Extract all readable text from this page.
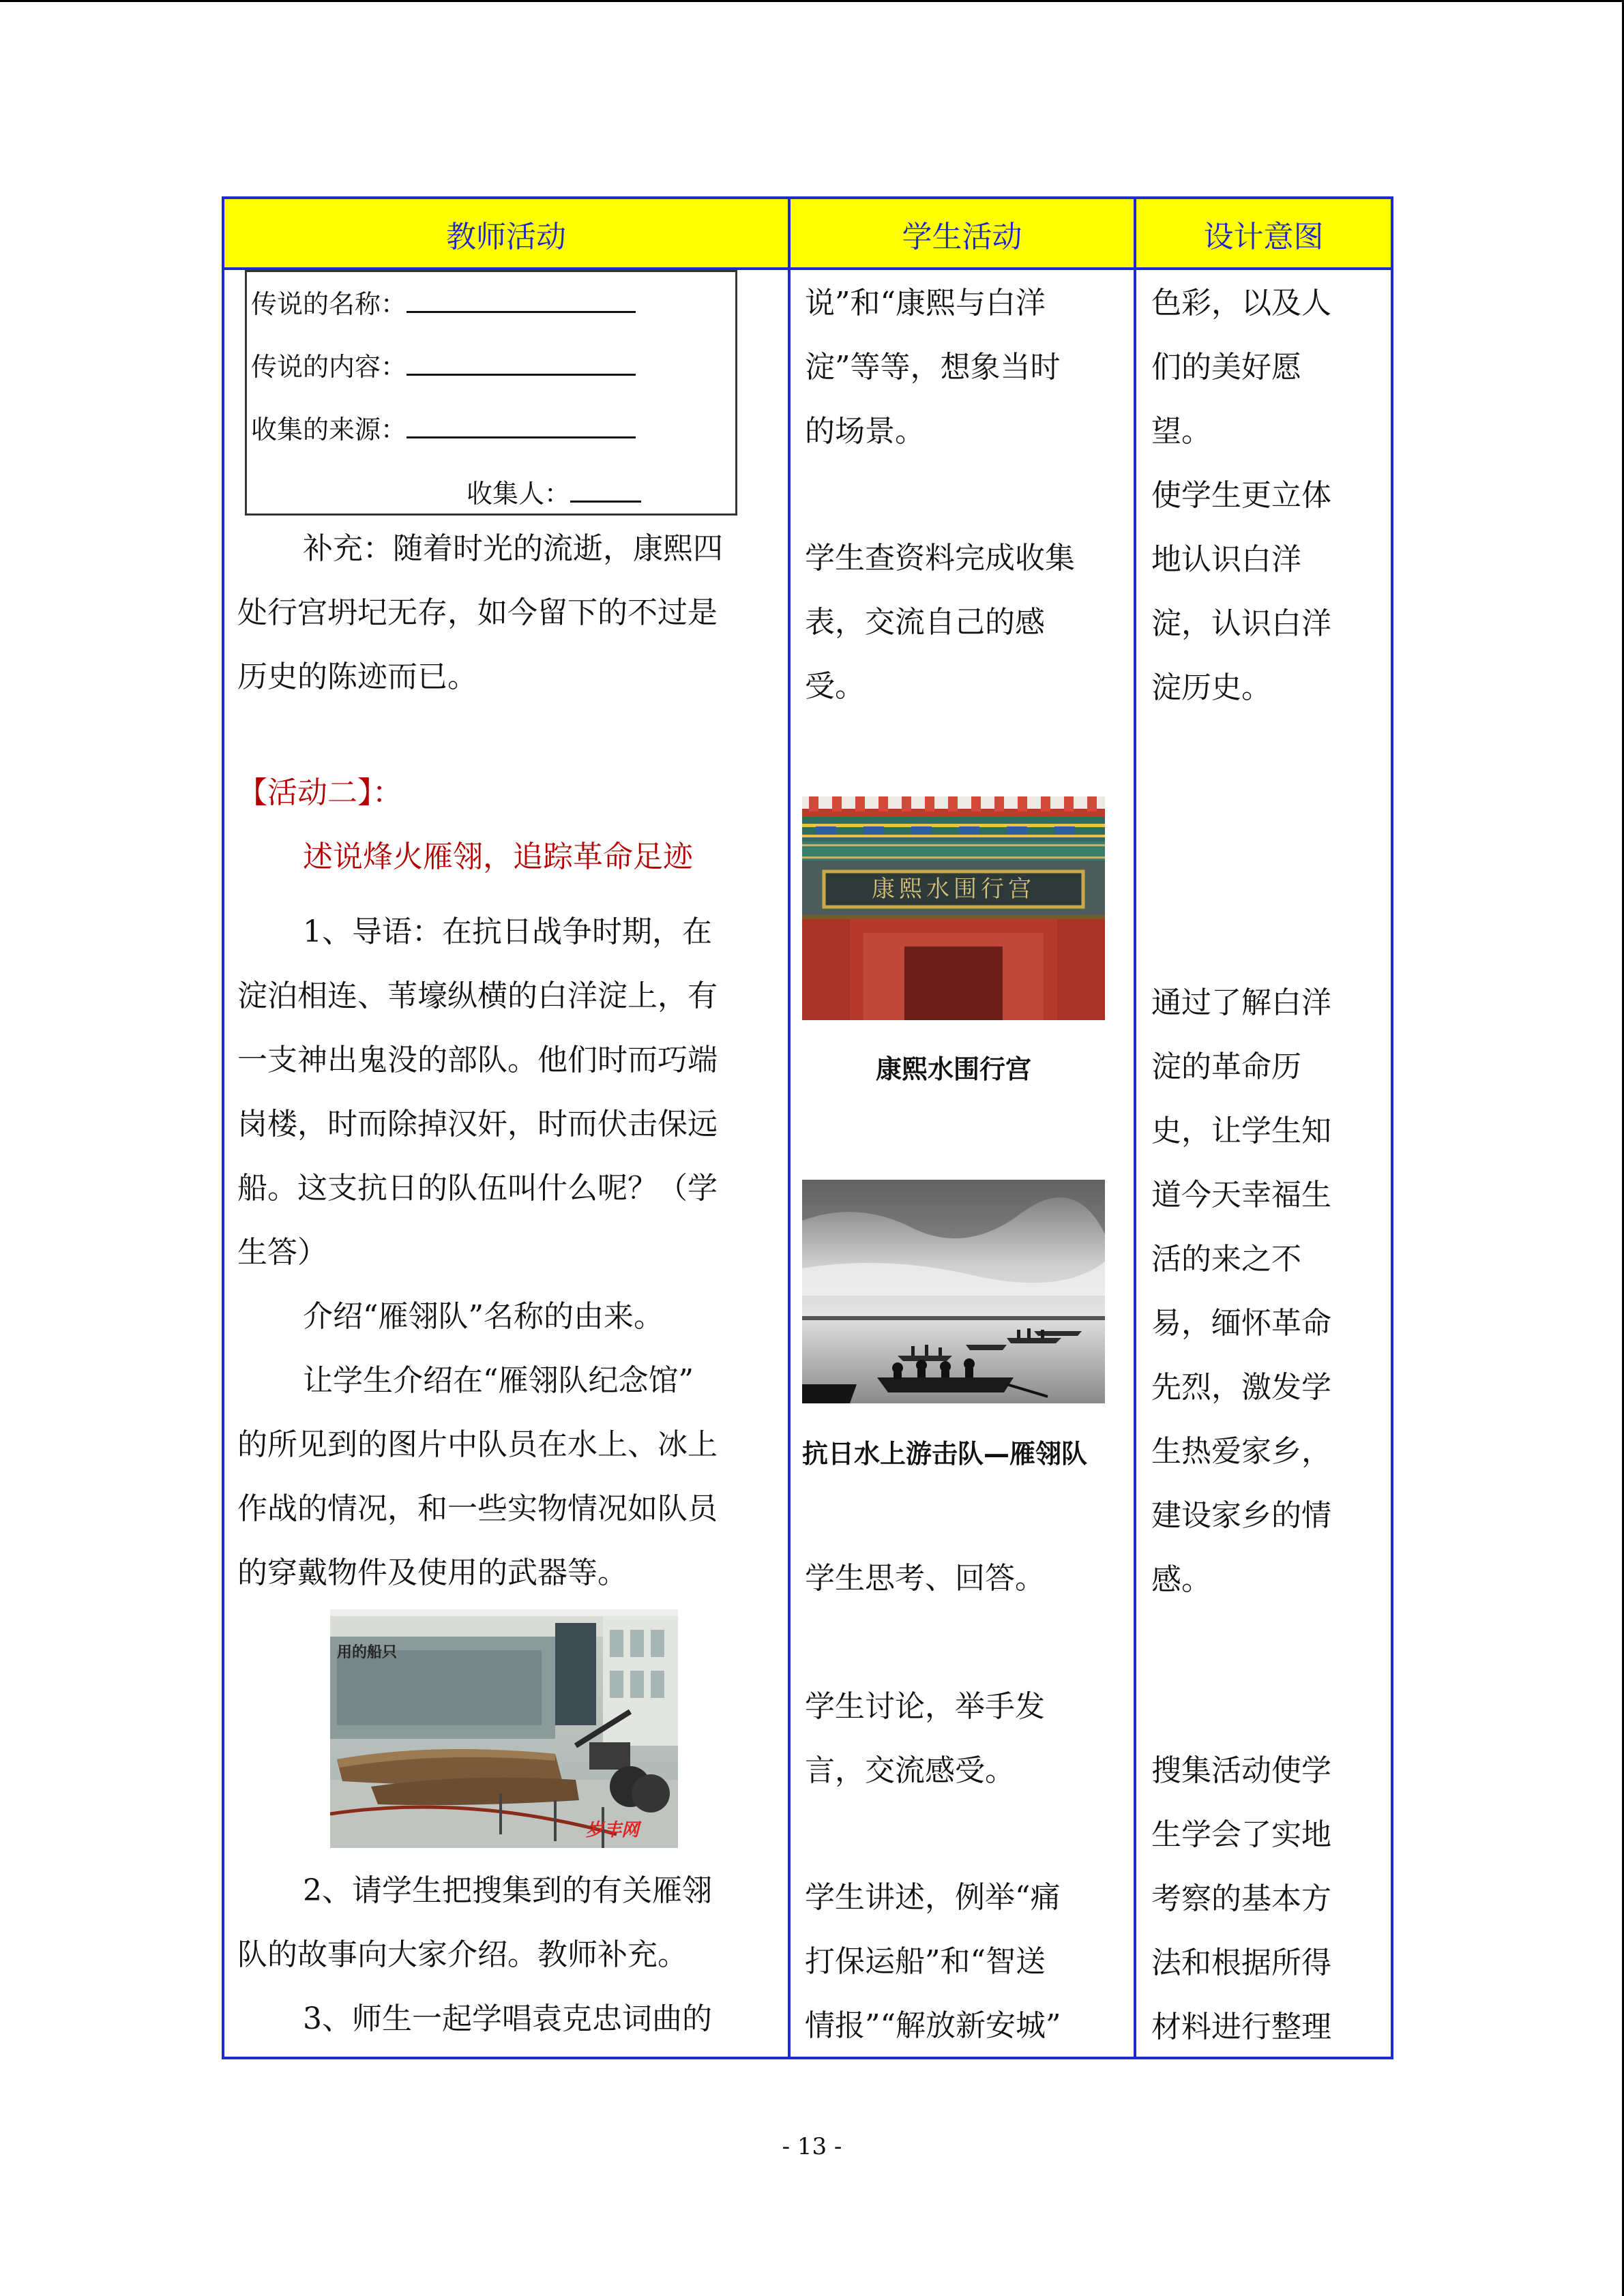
教师活动	学生活动	设计意图
传说的名称：
传说的内容：
收集的来源：
收集人：
补充：随着时光的流逝，康熙四
处行宫坍圮无存，如今留下的不过是
历史的陈迹而已。
【活动二】：
述说烽火雁翎，追踪革命足迹
1、导语：在抗日战争时期，在
淀泊相连、苇壕纵横的白洋淀上，有
一支神出鬼没的部队。他们时而巧端
岗楼，时而除掉汉奸，时而伏击保远
船。这支抗日的队伍叫什么呢？（学
生答）
介绍“雁翎队”名称的由来。
让学生介绍在“雁翎队纪念馆”
的所见到的图片中队员在水上、冰上
作战的情况，和一些实物情况如队员
的穿戴物件及使用的武器等。
用的船只
岁丰网
2、请学生把搜集到的有关雁翎
队的故事向大家介绍。教师补充。
3、师生一起学唱袁克忠词曲的
说”和“康熙与白洋
淀”等等，想象当时
的场景。
学生查资料完成收集
表，交流自己的感
受。
康熙水围行宫
康熙水围行宫
抗日水上游击队—雁翎队
学生思考、回答。
学生讨论，举手发
言，交流感受。
学生讲述，例举“痛
打保运船”和“智送
情报”“解放新安城”
色彩，以及人
们的美好愿
望。
使学生更立体
地认识白洋
淀，认识白洋
淀历史。
通过了解白洋
淀的革命历
史，让学生知
道今天幸福生
活的来之不
易，缅怀革命
先烈，激发学
生热爱家乡，
建设家乡的情
感。
搜集活动使学
生学会了实地
考察的基本方
法和根据所得
材料进行整理
- 13 -
